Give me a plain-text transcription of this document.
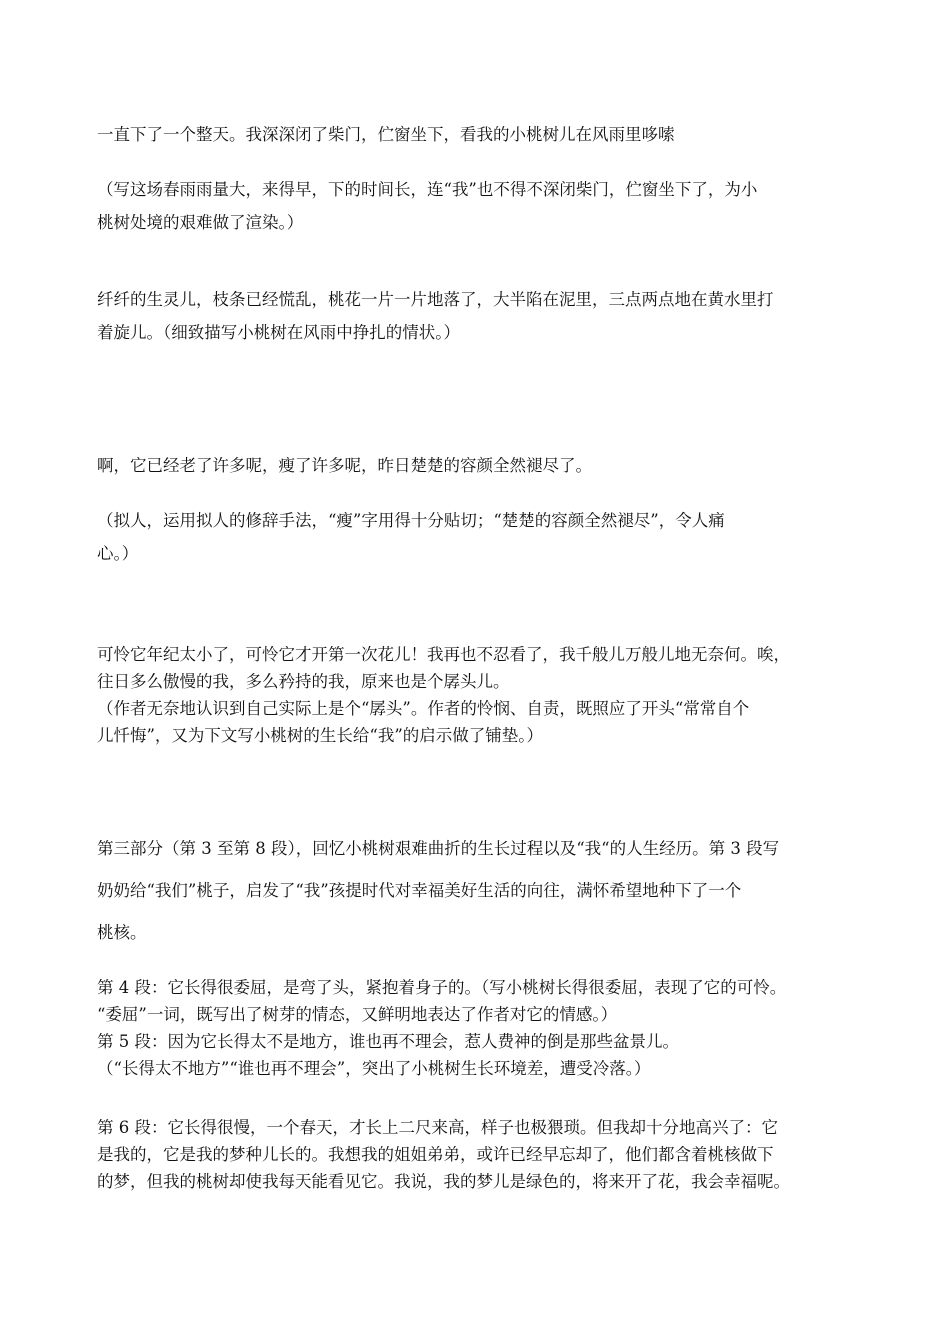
一直下了一个整天。我深深闭了柴门，伫窗坐下，看我的小桃树儿在风雨里哆嗦
（写这场春雨雨量大，来得早，下的时间长，连“我”也不得不深闭柴门，伫窗坐下了，为小
桃树处境的艰难做了渲染。）
纤纤的生灵儿，枝条已经慌乱，桃花一片一片地落了，大半陷在泥里，三点两点地在黄水里打
着旋儿。（细致描写小桃树在风雨中挣扎的情状。）
啊，它已经老了许多呢，瘦了许多呢，昨日楚楚的容颜全然褪尽了。
（拟人，运用拟人的修辞手法，“瘦”字用得十分贴切；“楚楚的容颜全然褪尽”，令人痛
心。）
可怜它年纪太小了，可怜它才开第一次花儿！我再也不忍看了，我千般儿万般儿地无奈何。唉，
往日多么傲慢的我，多么矜持的我，原来也是个孱头儿。
（作者无奈地认识到自己实际上是个“孱头”。作者的怜悯、自责，既照应了开头“常常自个
儿忏悔”，又为下文写小桃树的生长给“我”的启示做了铺垫。）
第三部分（第 3 至第 8 段），回忆小桃树艰难曲折的生长过程以及“我“的人生经历。第 3 段写
奶奶给“我们”桃子，启发了“我”孩提时代对幸福美好生活的向往，满怀希望地种下了一个
桃核。
第 4 段：它长得很委屈，是弯了头，紧抱着身子的。（写小桃树长得很委屈，表现了它的可怜。
“委屈”一词，既写出了树芽的情态，又鲜明地表达了作者对它的情感。）
第 5 段：因为它长得太不是地方，谁也再不理会，惹人费神的倒是那些盆景儿。
（“长得太不地方”“谁也再不理会”，突出了小桃树生长环境差，遭受冷落。）
第 6 段：它长得很慢，一个春天，才长上二尺来高，样子也极猥琐。但我却十分地高兴了：它
是我的，它是我的梦种儿长的。我想我的姐姐弟弟，或许已经早忘却了，他们都含着桃核做下
的梦，但我的桃树却使我每天能看见它。我说，我的梦儿是绿色的，将来开了花，我会幸福呢。
